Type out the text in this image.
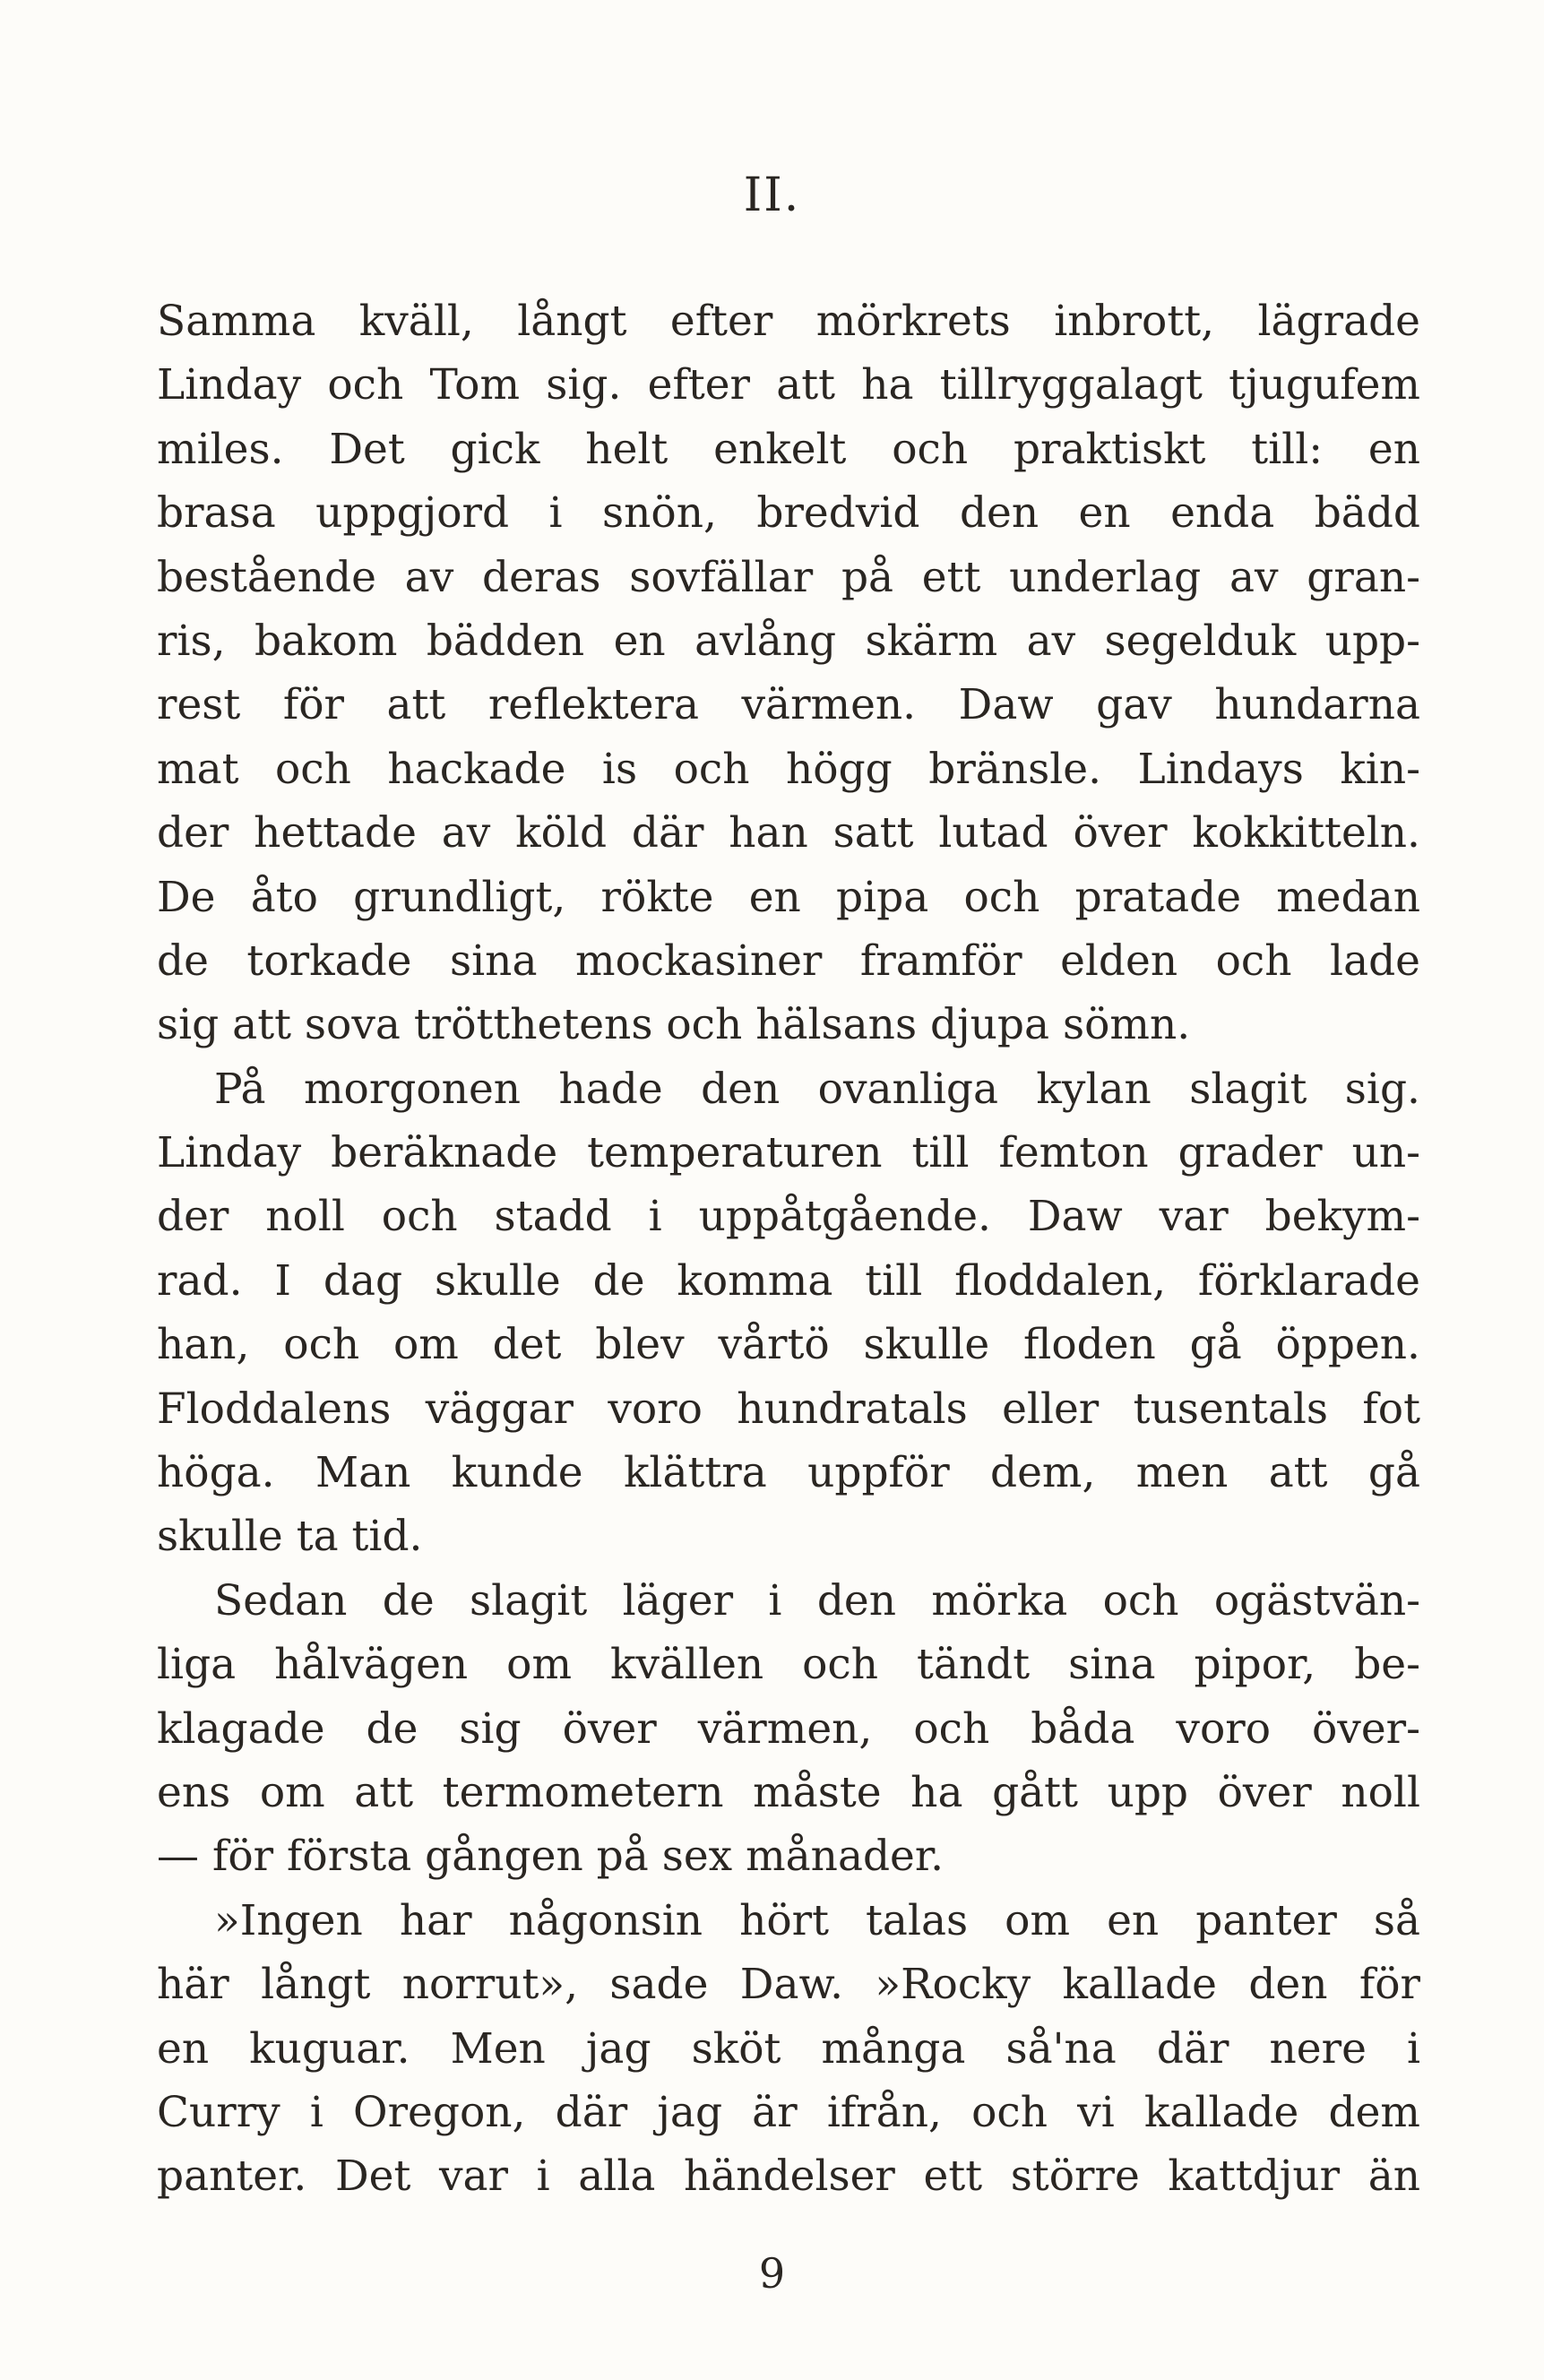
II.
Samma kväll, långt efter mörkrets inbrott, lägrade
Linday och Tom sig. efter att ha tillryggalagt tjugufem
miles. Det gick helt enkelt och praktiskt till: en
brasa uppgjord i snön, bredvid den en enda bädd
bestående av deras sovfällar på ett underlag av gran-
ris, bakom bädden en avlång skärm av segelduk upp-
rest för att reflektera värmen. Daw gav hundarna
mat och hackade is och högg bränsle. Lindays kin-
der hettade av köld där han satt lutad över kokkitteln.
De åto grundligt, rökte en pipa och pratade medan
de torkade sina mockasiner framför elden och lade
sig att sova trötthetens och hälsans djupa sömn.
På morgonen hade den ovanliga kylan slagit sig.
Linday beräknade temperaturen till femton grader un-
der noll och stadd i uppåtgående. Daw var bekym-
rad. I dag skulle de komma till floddalen, förklarade
han, och om det blev vårtö skulle floden gå öppen.
Floddalens väggar voro hundratals eller tusentals fot
höga. Man kunde klättra uppför dem, men att gå
skulle ta tid.
Sedan de slagit läger i den mörka och ogästvän-
liga hålvägen om kvällen och tändt sina pipor, be-
klagade de sig över värmen, och båda voro över-
ens om att termometern måste ha gått upp över noll
— för första gången på sex månader.
»Ingen har någonsin hört talas om en panter så
här långt norrut», sade Daw. »Rocky kallade den för
en kuguar. Men jag sköt många så'na där nere i
Curry i Oregon, där jag är ifrån, och vi kallade dem
panter. Det var i alla händelser ett större kattdjur än
9
